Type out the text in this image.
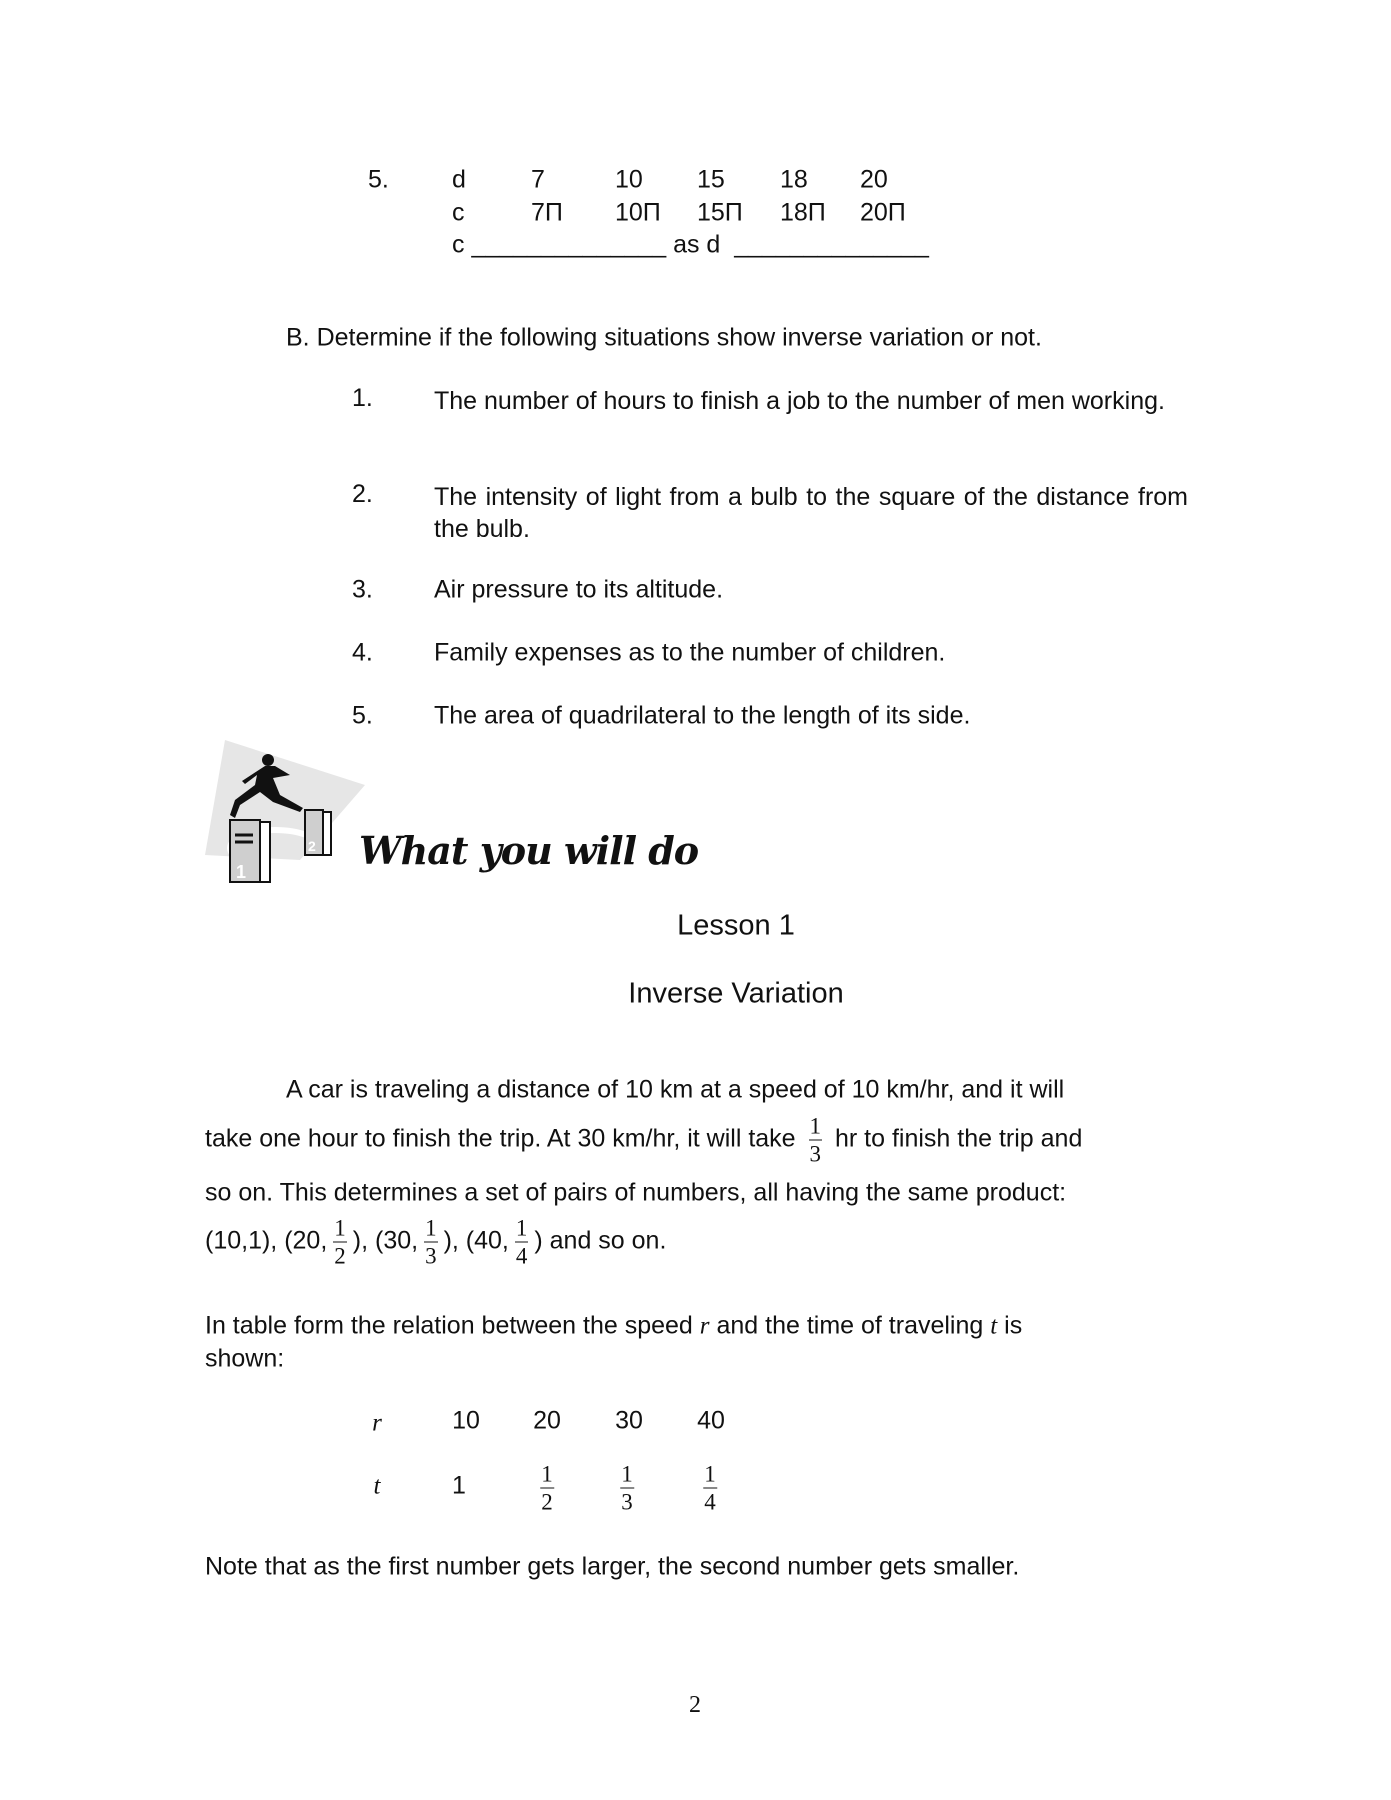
5.	d	7	10 15 18 20
c	7Π 10Π 15Π 18Π 20Π
c ______________ as d ______________
B. Determine if the following situations show inverse variation or not.
1. The number of hours to finish a job to the number of men working.
2. The intensity of light from a bulb to the square of the distance from the bulb.
3. Air pressure to its altitude.
4. Family expenses as to the number of children.
5. The area of quadrilateral to the length of its side.
1
2 What you will do
Lesson 1
Inverse Variation
A car is traveling a distance of 10 km at a speed of 10 km/hr, and it will
take one hour to finish the trip. At 30 km/hr, it will take $\frac{1}{3}$ hr to finish the trip and
so on. This determines a set of pairs of numbers, all having the same product:
(10,1), (20, $\frac{1}{2}$ ), (30, $\frac{1}{3}$ ), (40, $\frac{1}{4}$ ) and so on.
In table form the relation between the speed r and the time of traveling t is
shown:
r	10 20 30 40
t	1	$\frac{1}{2}$	$\frac{1}{3}$	$\frac{1}{4}$
Note that as the first number gets larger, the second number gets smaller.
2
